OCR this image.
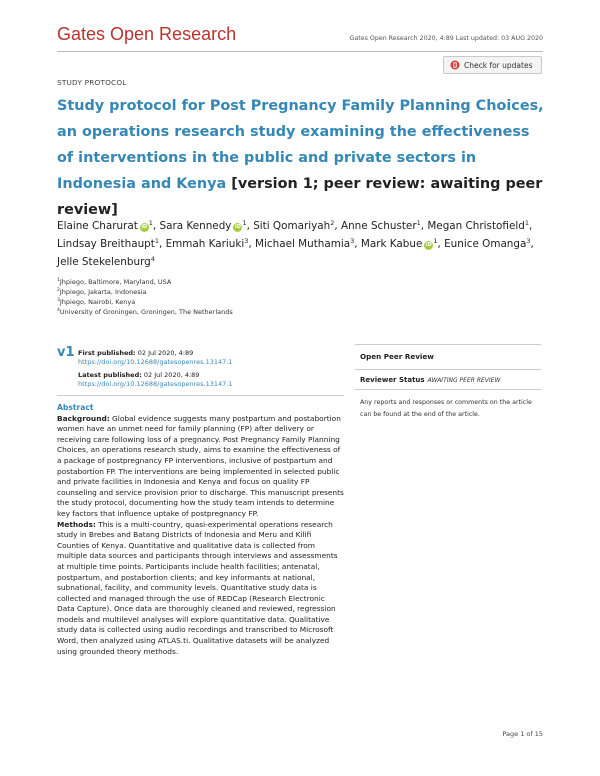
Gates Open Research	Gates Open Research 2020, 4:89 Last updated: 03 AUG 2020
Check for updates
STUDY PROTOCOL
Study protocol for Post Pregnancy Family Planning Choices, an operations research study examining the effectiveness of interventions in the public and private sectors in Indonesia and Kenya [version 1; peer review: awaiting peer review]
Elaine Charurat iD $^1$, Sara Kennedy iD $^1$, Siti Qomariyah$^2$, Anne Schuster$^1$, Megan Christofield$^1$, Lindsay Breithaupt$^1$, Emmah Kariuki$^3$, Michael Muthamia$^3$, Mark Kabue iD $^1$, Eunice Omanga$^3$, Jelle Stekelenburg$^4$
$^1$Jhpiego, Baltimore, Maryland, USA
$^2$Jhpiego, Jakarta, Indonesia
$^3$Jhpiego, Nairobi, Kenya
$^4$University of Groningen, Groningen, The Netherlands
v1 First published: 02 Jul 2020, 4:89
https://doi.org/10.12688/gatesopenres.13147.1
Latest published: 02 Jul 2020, 4:89
https://doi.org/10.12688/gatesopenres.13147.1
Open Peer Review
Reviewer Status AWAITING PEER REVIEW
Any reports and responses or comments on the article can be found at the end of the article.
Abstract

Background: Global evidence suggests many postpartum and postabortion women have an unmet need for family planning (FP) after delivery or receiving care following loss of a pregnancy. Post Pregnancy Family Planning Choices, an operations research study, aims to examine the effectiveness of a package of postpregnancy FP interventions, inclusive of postpartum and postabortion FP. The interventions are being implemented in selected public and private facilities in Indonesia and Kenya and focus on quality FP counseling and service provision prior to discharge. This manuscript presents the study protocol, documenting how the study team intends to determine key factors that influence uptake of postpregnancy FP.

Methods: This is a multi-country, quasi-experimental operations research study in Brebes and Batang Districts of Indonesia and Meru and Kilifi Counties of Kenya. Quantitative and qualitative data is collected from multiple data sources and participants through interviews and assessments at multiple time points. Participants include health facilities; antenatal, postpartum, and postabortion clients; and key informants at national, subnational, facility, and community levels. Quantitative study data is collected and managed through the use of REDCap (Research Electronic Data Capture). Once data are thoroughly cleaned and reviewed, regression models and multilevel analyses will explore quantitative data. Qualitative study data is collected using audio recordings and transcribed to Microsoft Word, then analyzed using ATLAS.ti. Qualitative datasets will be analyzed using grounded theory methods.

Page 1 of 15
